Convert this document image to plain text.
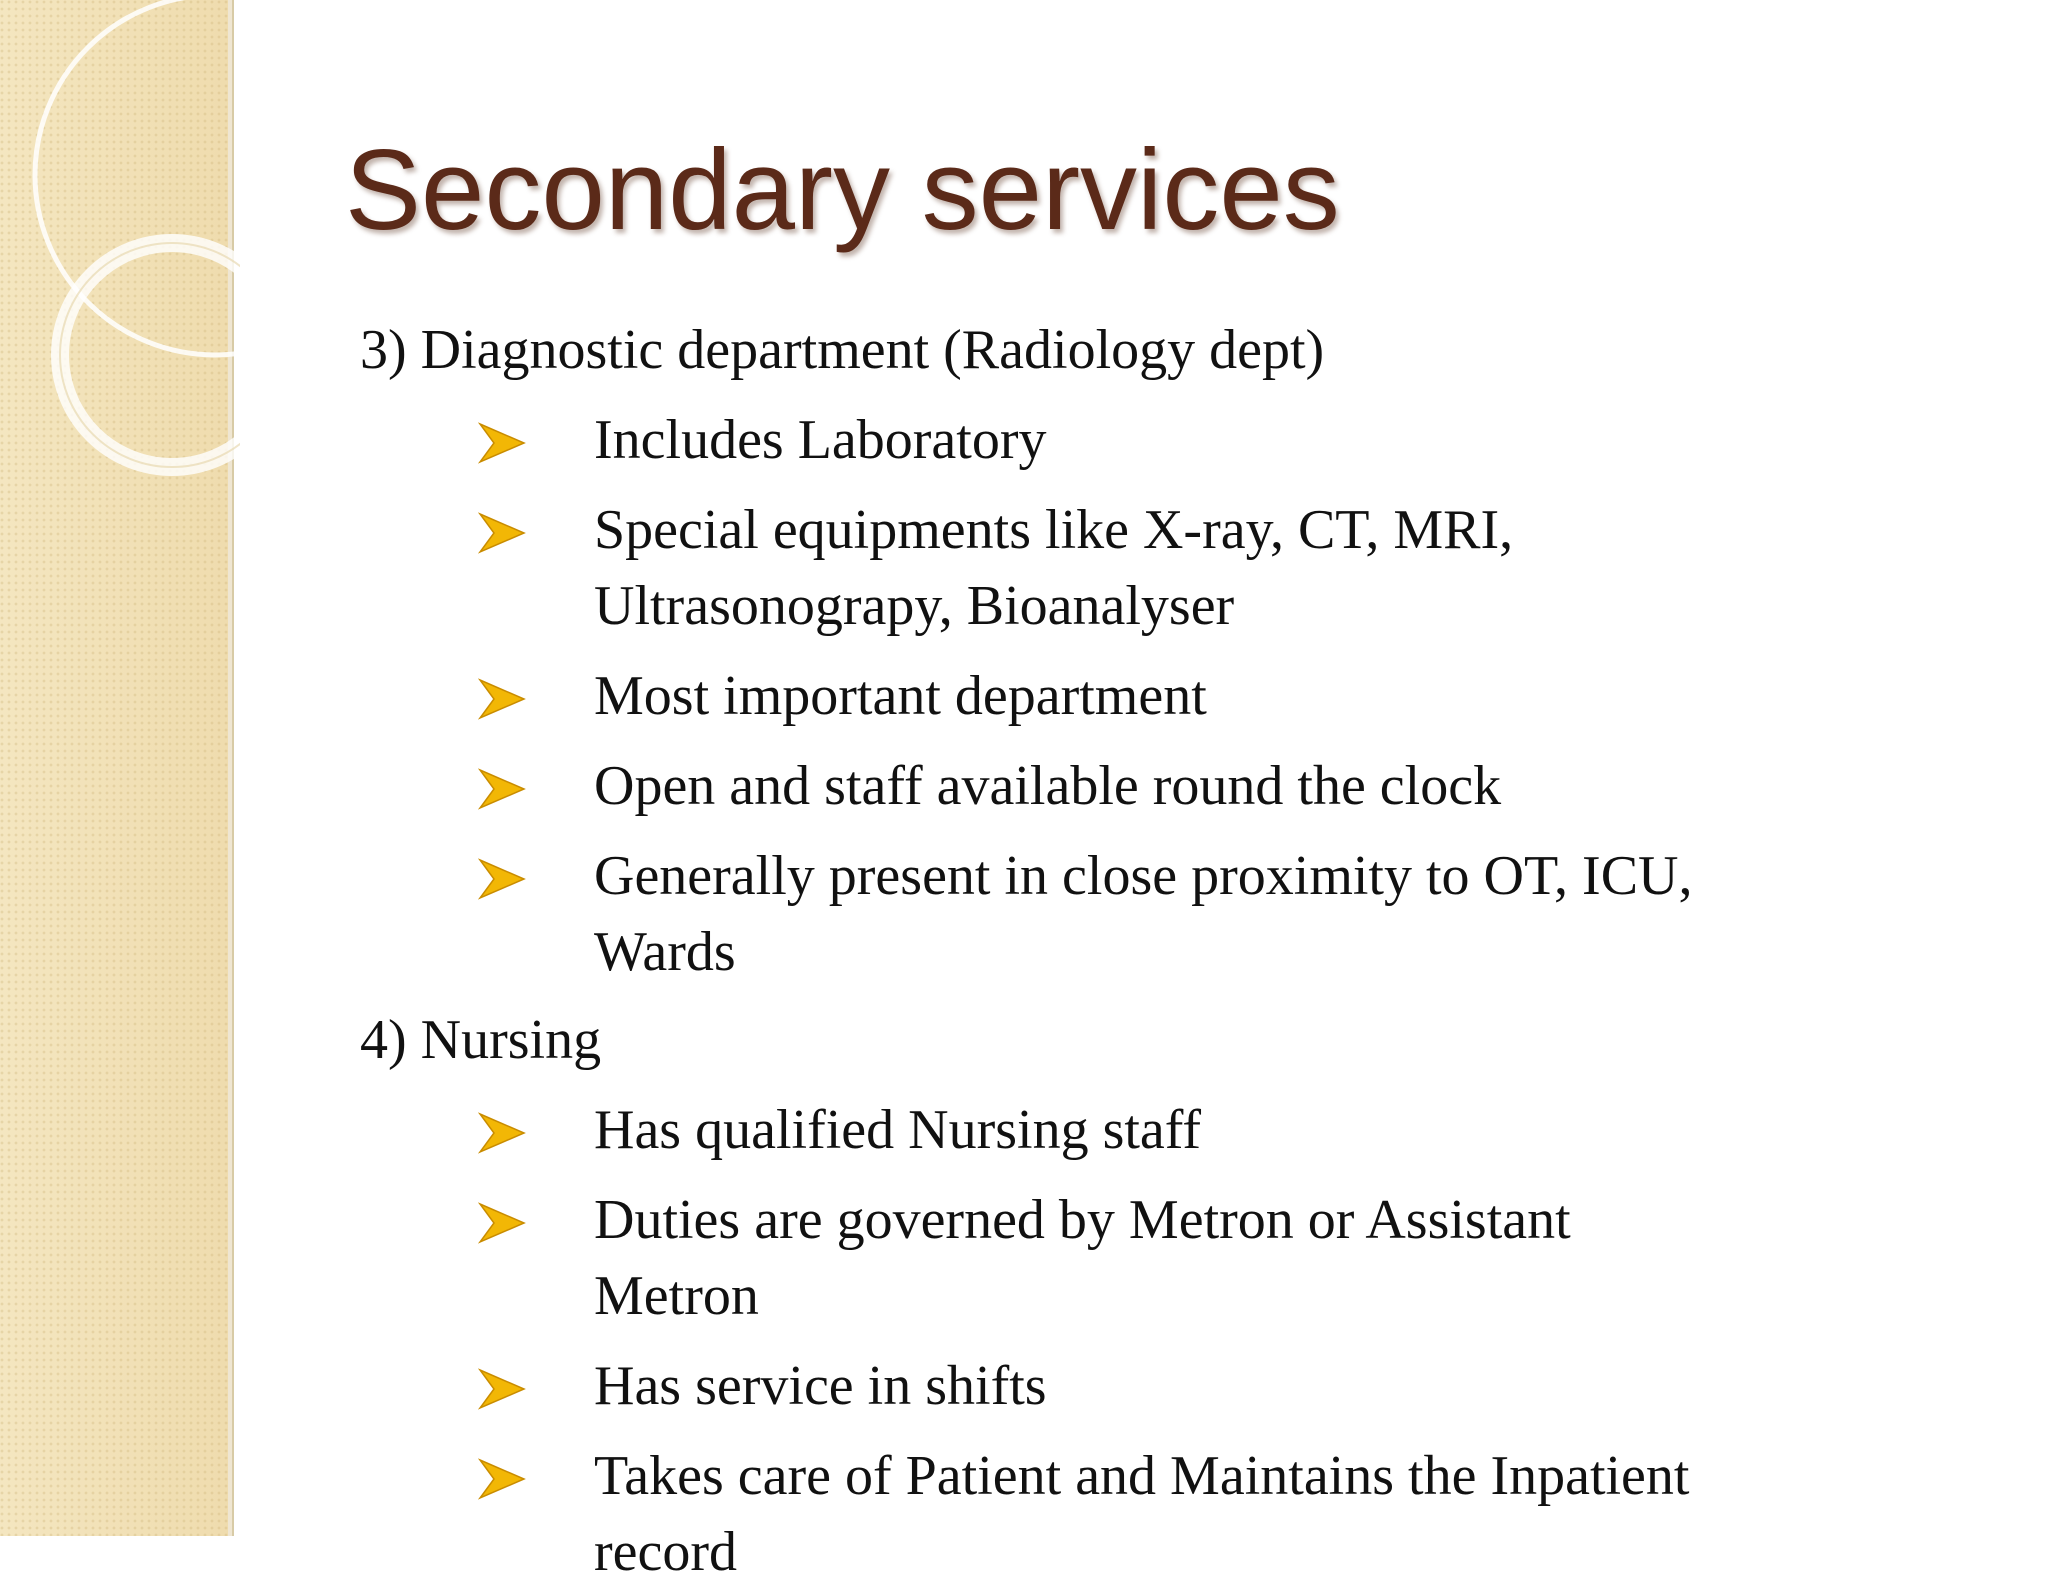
Secondary services
3) Diagnostic department (Radiology dept)
Includes Laboratory
Special equipments like X-ray, CT, MRI, Ultrasonograpy, Bioanalyser
Most important department
Open and staff available round the clock
Generally present in close proximity to OT, ICU, Wards
4) Nursing
Has qualified Nursing staff
Duties are governed by Metron or Assistant Metron
Has service in shifts
Takes care of Patient and Maintains the Inpatient record
